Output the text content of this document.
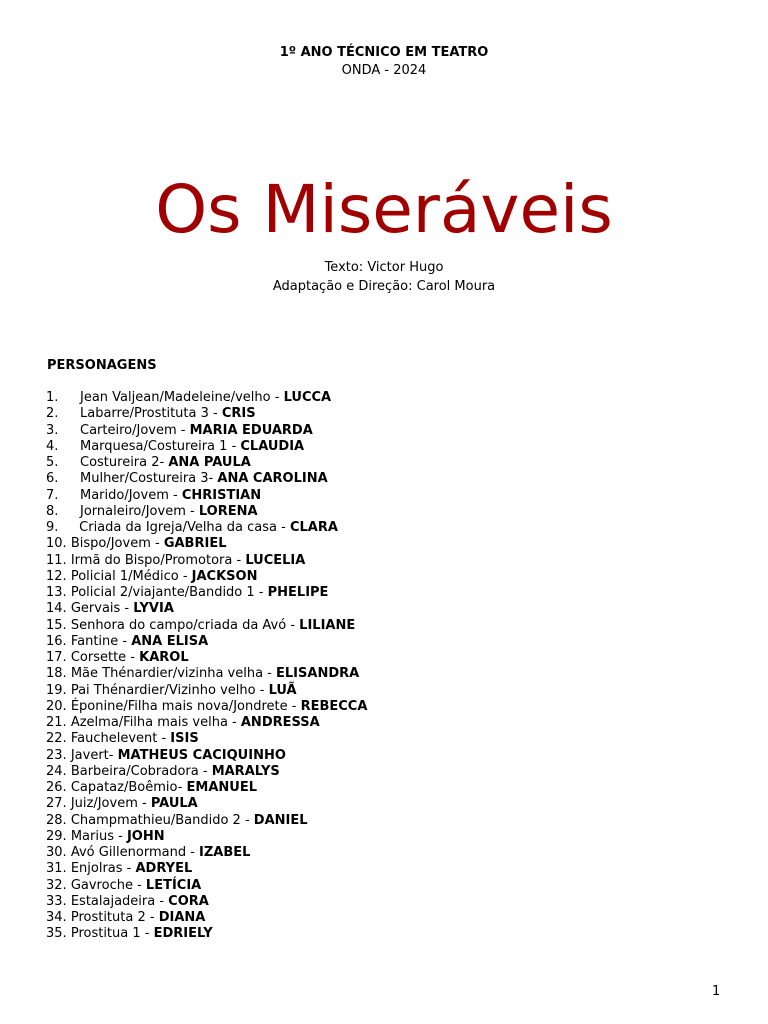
1º ANO TÉCNICO EM TEATRO
ONDA - 2024
Os Miseráveis
Texto: Victor Hugo
Adaptação e Direção: Carol Moura
PERSONAGENS
1. Jean Valjean/Madeleine/velho - LUCCA
2. Labarre/Prostituta 3 - CRIS
3. Carteiro/Jovem - MARIA EDUARDA
4. Marquesa/Costureira 1 - CLAUDIA
5. Costureira 2- ANA PAULA
6. Mulher/Costureira 3- ANA CAROLINA
7. Marido/Jovem - CHRISTIAN
8. Jornaleiro/Jovem - LORENA
9. Criada da Igreja/Velha da casa - CLARA
10. Bispo/Jovem - GABRIEL
11. Irmã do Bispo/Promotora - LUCELIA
12. Policial 1/Médico - JACKSON
13. Policial 2/viajante/Bandido 1 - PHELIPE
14. Gervais - LYVIA
15. Senhora do campo/criada da Avó - LILIANE
16. Fantine - ANA ELISA
17. Corsette - KAROL
18. Mãe Thénardier/vizinha velha - ELISANDRA
19. Pai Thénardier/Vizinho velho - LUÃ
20. Éponine/Filha mais nova/Jondrete - REBECCA
21. Azelma/Filha mais velha - ANDRESSA
22. Fauchelevent - ISIS
23. Javert- MATHEUS CACIQUINHO
24. Barbeira/Cobradora - MARALYS
26. Capataz/Boêmio- EMANUEL
27. Juiz/Jovem - PAULA
28. Champmathieu/Bandido 2 - DANIEL
29. Marius - JOHN
30. Avó Gillenormand - IZABEL
31. Enjolras - ADRYEL
32. Gavroche - LETÍCIA
33. Estalajadeira - CORA
34. Prostituta 2 - DIANA
35. Prostitua 1 - EDRIELY
1
